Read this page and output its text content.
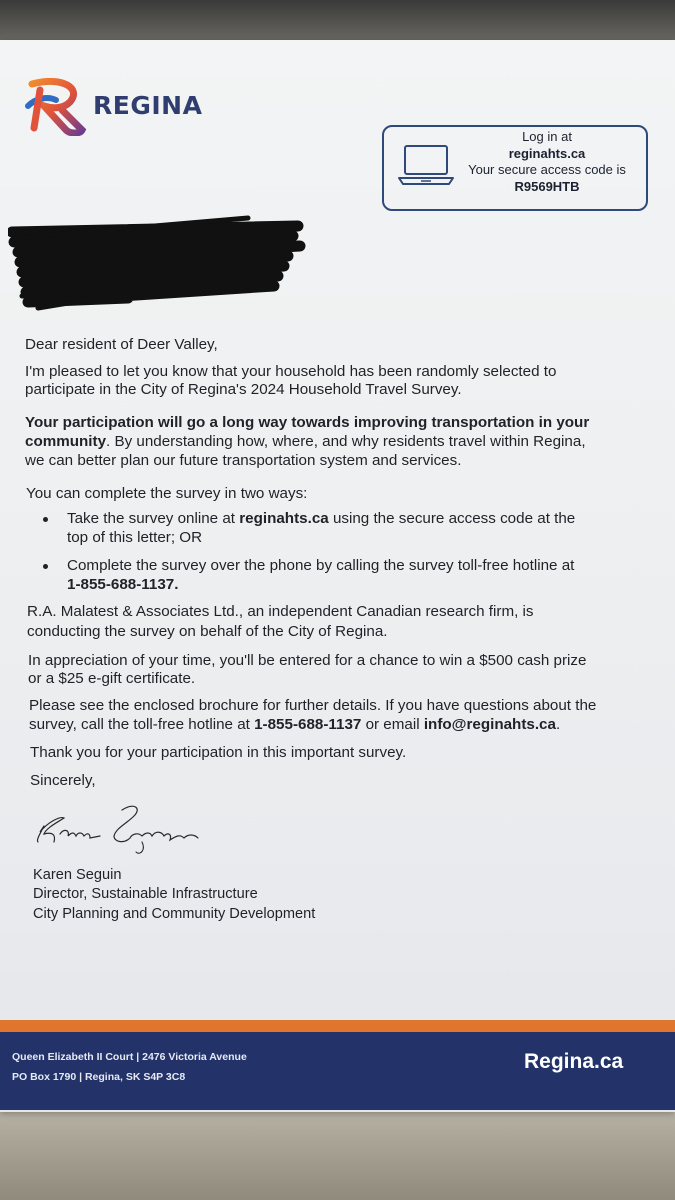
REGINA
Log in at
reginahts.ca
Your secure access code is
R9569HTB
Dear resident of Deer Valley,
I'm pleased to let you know that your household has been randomly selected to
participate in the City of Regina's 2024 Household Travel Survey.
Your participation will go a long way towards improving transportation in your
community. By understanding how, where, and why residents travel within Regina,
we can better plan our future transportation system and services.
You can complete the survey in two ways:
Take the survey online at reginahts.ca using the secure access code at the
top of this letter; OR
Complete the survey over the phone by calling the survey toll-free hotline at
1-855-688-1137.
R.A. Malatest & Associates Ltd., an independent Canadian research firm, is
conducting the survey on behalf of the City of Regina.
In appreciation of your time, you'll be entered for a chance to win a $500 cash prize
or a $25 e-gift certificate.
Please see the enclosed brochure for further details. If you have questions about the
survey, call the toll-free hotline at 1-855-688-1137 or email info@reginahts.ca.
Thank you for your participation in this important survey.
Sincerely,
Karen Seguin
Director, Sustainable Infrastructure
City Planning and Community Development
Queen Elizabeth II Court | 2476 Victoria Avenue
PO Box 1790 | Regina, SK S4P 3C8
Regina.ca
